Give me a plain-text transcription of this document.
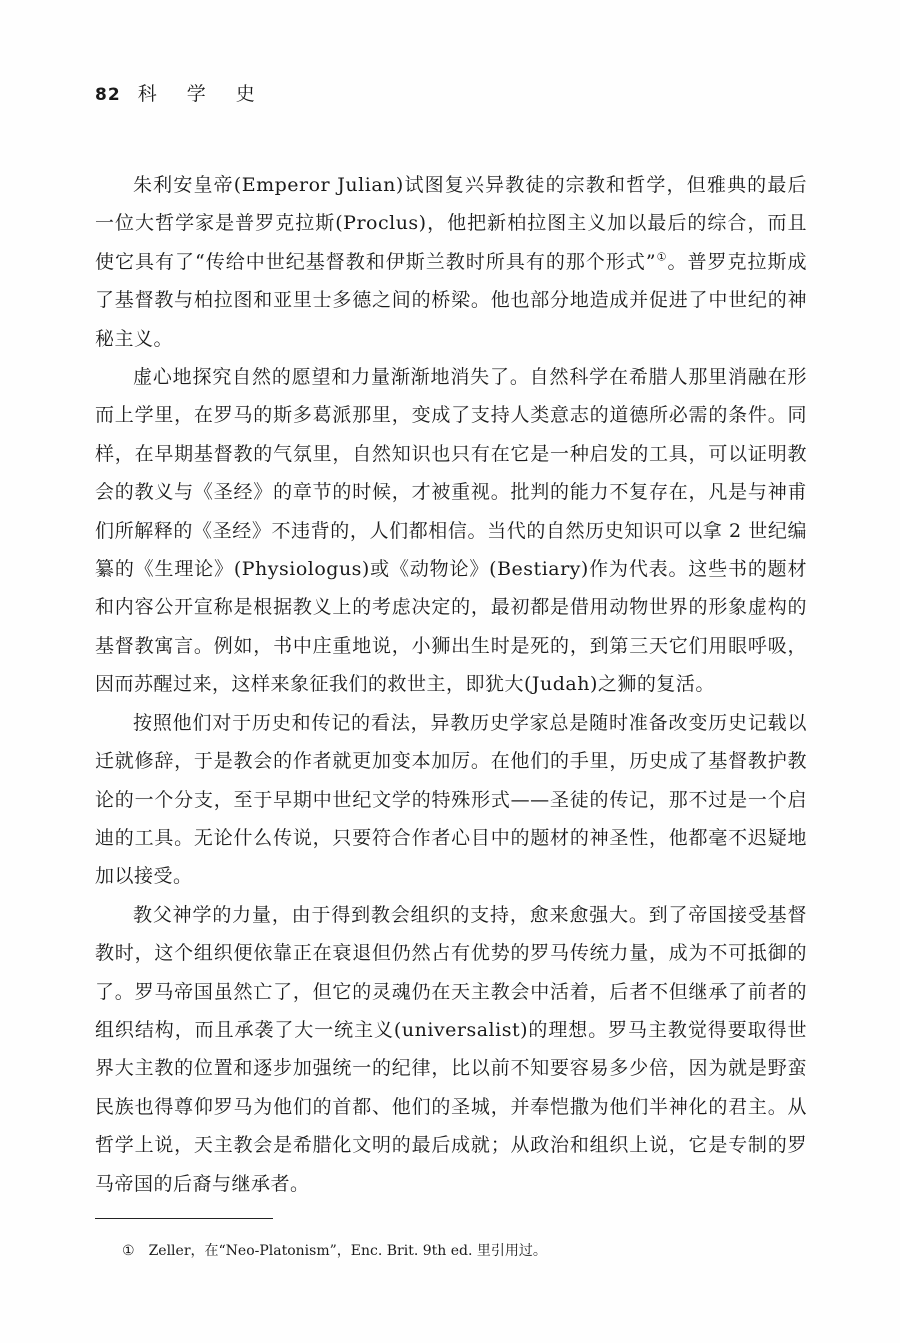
82 科 学 史

朱利安皇帝(Emperor Julian)试图复兴异教徒的宗教和哲学，但雅典的最后一位大哲学家是普罗克拉斯(Proclus)，他把新柏拉图主义加以最后的综合，而且使它具有了“传给中世纪基督教和伊斯兰教时所具有的那个形式”①。普罗克拉斯成了基督教与柏拉图和亚里士多德之间的桥梁。他也部分地造成并促进了中世纪的神秘主义。

虚心地探究自然的愿望和力量渐渐地消失了。自然科学在希腊人那里消融在形而上学里，在罗马的斯多葛派那里，变成了支持人类意志的道德所必需的条件。同样，在早期基督教的气氛里，自然知识也只有在它是一种启发的工具，可以证明教会的教义与《圣经》的章节的时候，才被重视。批判的能力不复存在，凡是与神甫们所解释的《圣经》不违背的，人们都相信。当代的自然历史知识可以拿 2 世纪编纂的《生理论》(Physiologus)或《动物论》(Bestiary)作为代表。这些书的题材和内容公开宣称是根据教义上的考虑决定的，最初都是借用动物世界的形象虚构的基督教寓言。例如，书中庄重地说，小狮出生时是死的，到第三天它们用眼呼吸，因而苏醒过来，这样来象征我们的救世主，即犹大(Judah)之狮的复活。

按照他们对于历史和传记的看法，异教历史学家总是随时准备改变历史记载以迁就修辞，于是教会的作者就更加变本加厉。在他们的手里，历史成了基督教护教论的一个分支，至于早期中世纪文学的特殊形式——圣徒的传记，那不过是一个启迪的工具。无论什么传说，只要符合作者心目中的题材的神圣性，他都毫不迟疑地加以接受。

教父神学的力量，由于得到教会组织的支持，愈来愈强大。到了帝国接受基督教时，这个组织便依靠正在衰退但仍然占有优势的罗马传统力量，成为不可抵御的了。罗马帝国虽然亡了，但它的灵魂仍在天主教会中活着，后者不但继承了前者的组织结构，而且承袭了大一统主义(universalist)的理想。罗马主教觉得要取得世界大主教的位置和逐步加强统一的纪律，比以前不知要容易多少倍，因为就是野蛮民族也得尊仰罗马为他们的首都、他们的圣城，并奉恺撒为他们半神化的君主。从哲学上说，天主教会是希腊化文明的最后成就；从政治和组织上说，它是专制的罗马帝国的后裔与继承者。

① Zeller，在“Neo-Platonism”，Enc. Brit. 9th ed. 里引用过。
